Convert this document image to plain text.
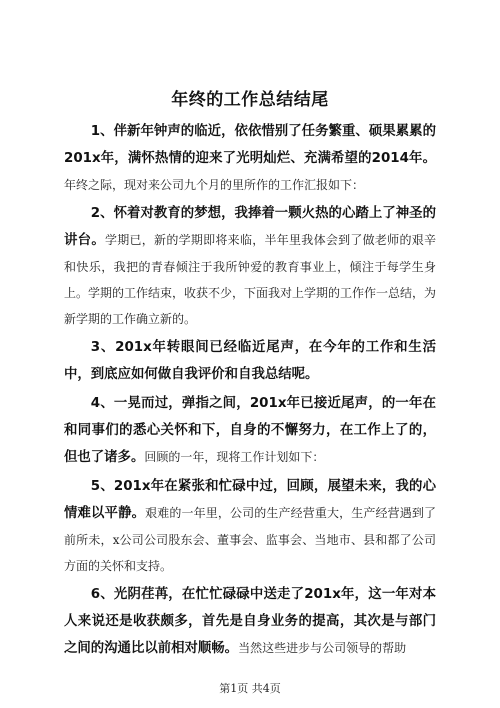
年终的工作总结结尾

1、伴新年钟声的临近，依依惜别了任务繁重、硕果累累的201x年，满怀热情的迎来了光明灿烂、充满希望的2014年。年终之际，现对来公司九个月的里所作的工作汇报如下：

2、怀着对教育的梦想，我捧着一颗火热的心踏上了神圣的讲台。学期已，新的学期即将来临，半年里我体会到了做老师的艰辛和快乐，我把的青春倾注于我所钟爱的教育事业上，倾注于每学生身上。学期的工作结束，收获不少，下面我对上学期的工作作一总结，为新学期的工作确立新的。

3、201x年转眼间已经临近尾声，在今年的工作和生活中，到底应如何做自我评价和自我总结呢。

4、一晃而过，弹指之间，201x年已接近尾声，的一年在和同事们的悉心关怀和下，自身的不懈努力，在工作上了的，但也了诸多。回顾的一年，现将工作计划如下：

5、201x年在紧张和忙碌中过，回顾，展望未来，我的心情难以平静。艰难的一年里，公司的生产经营重大，生产经营遇到了前所未，x公司公司股东会、董事会、监事会、当地市、县和都了公司方面的关怀和支持。

6、光阴荏苒，在忙忙碌碌中送走了201x年，这一年对本人来说还是收获颇多，首先是自身业务的提高，其次是与部门之间的沟通比以前相对顺畅。当然这些进步与公司领导的帮助

第1页 共4页
